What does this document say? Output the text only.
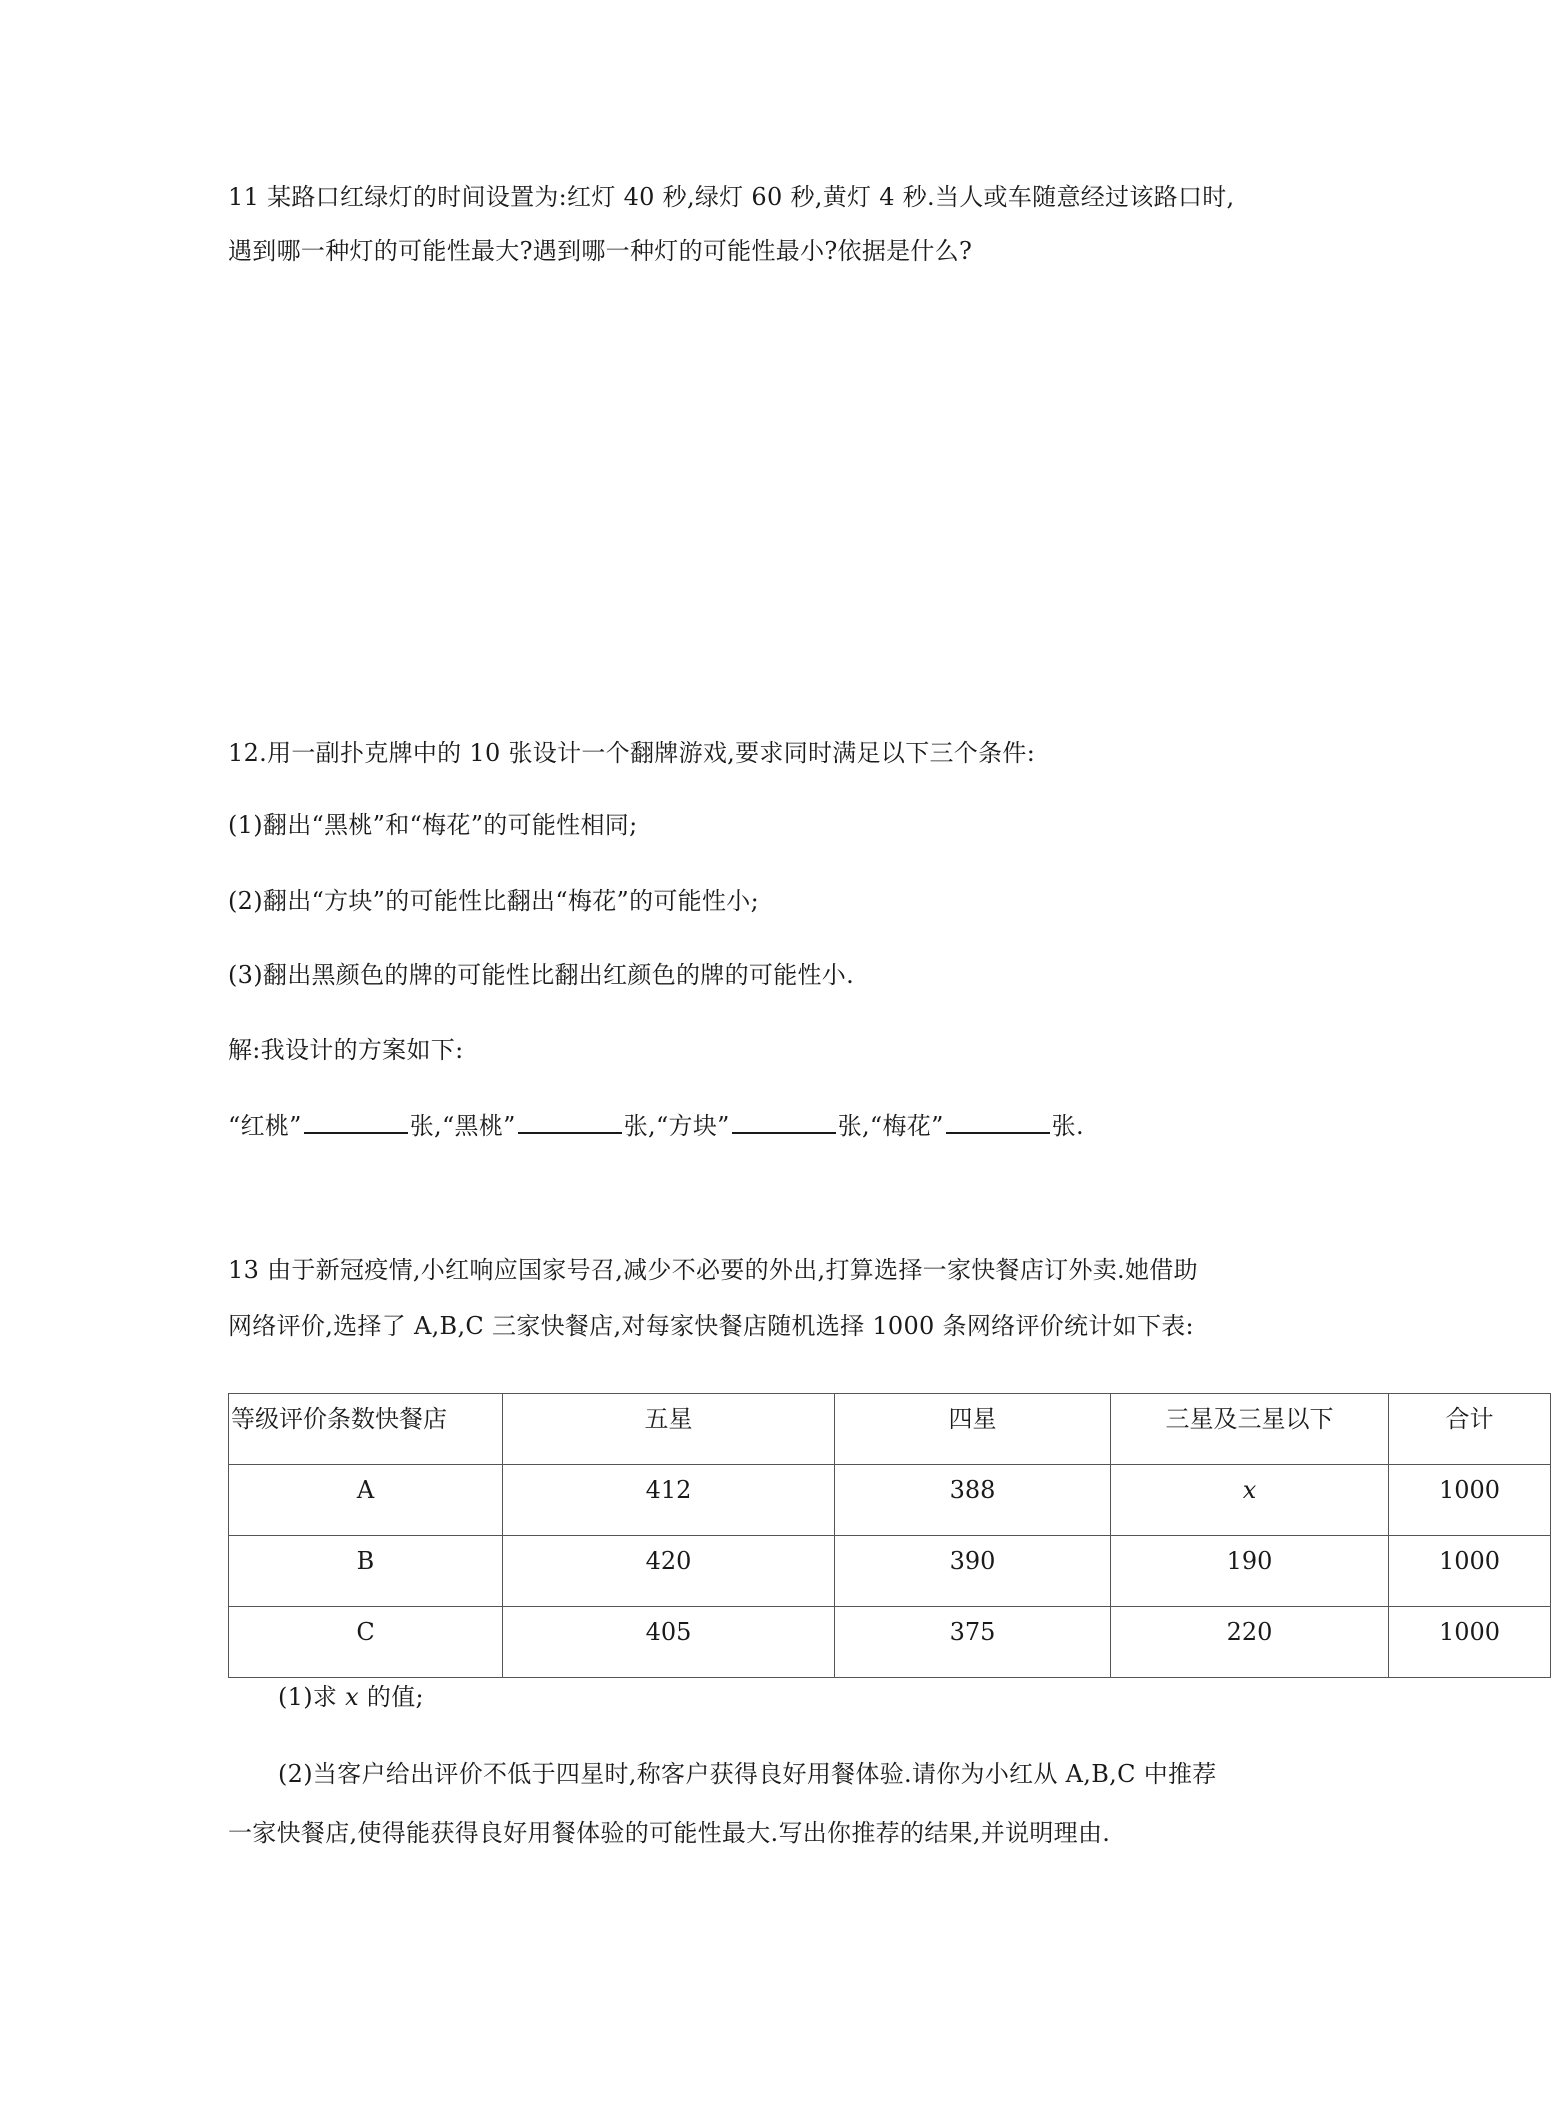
11 某路口红绿灯的时间设置为:红灯 40 秒,绿灯 60 秒,黄灯 4 秒.当人或车随意经过该路口时,
遇到哪一种灯的可能性最大?遇到哪一种灯的可能性最小?依据是什么?
12.用一副扑克牌中的 10 张设计一个翻牌游戏,要求同时满足以下三个条件:
(1)翻出“黑桃”和“梅花”的可能性相同;
(2)翻出“方块”的可能性比翻出“梅花”的可能性小;
(3)翻出黑颜色的牌的可能性比翻出红颜色的牌的可能性小.
解:我设计的方案如下:
“红桃”	张,“黑桃”	张,“方块”	张,“梅花”	张.
13 由于新冠疫情,小红响应国家号召,减少不必要的外出,打算选择一家快餐店订外卖.她借助
网络评价,选择了 A,B,C 三家快餐店,对每家快餐店随机选择 1000 条网络评价统计如下表:
等级评价条数快餐店	五星	四星	三星及三星以下	合计

A	412	388	x	1000

B	420	390	190	1000

C	405	375	220	1000
(1)求 x 的值;
(2)当客户给出评价不低于四星时,称客户获得良好用餐体验.请你为小红从 A,B,C 中推荐
一家快餐店,使得能获得良好用餐体验的可能性最大.写出你推荐的结果,并说明理由.
